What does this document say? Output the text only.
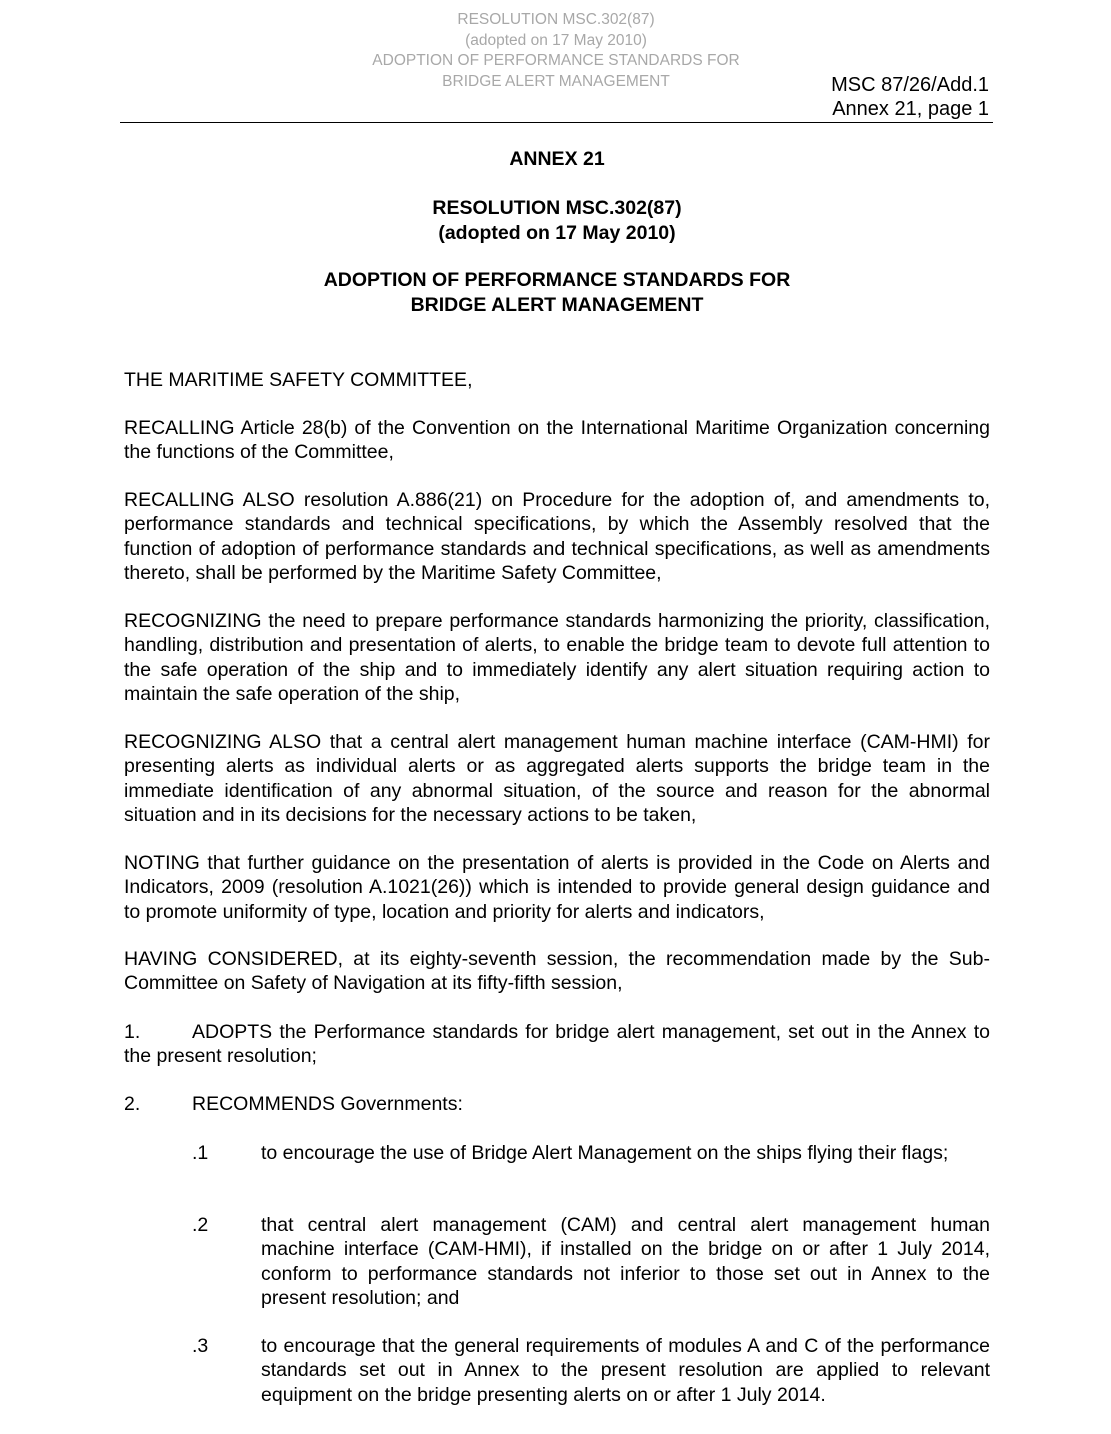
RESOLUTION MSC.302(87)
(adopted on 17 May 2010)
ADOPTION OF PERFORMANCE STANDARDS FOR
BRIDGE ALERT MANAGEMENT	MSC 87/26/Add.1
Annex 21, page 1
ANNEX 21
RESOLUTION MSC.302(87)
(adopted on 17 May 2010)
ADOPTION OF PERFORMANCE STANDARDS FOR
BRIDGE ALERT MANAGEMENT

THE MARITIME SAFETY COMMITTEE,

RECALLING Article 28(b) of the Convention on the International Maritime Organization concerning the functions of the Committee,

RECALLING ALSO resolution A.886(21) on Procedure for the adoption of, and amendments to, performance standards and technical specifications, by which the Assembly resolved that the function of adoption of performance standards and technical specifications, as well as amendments thereto, shall be performed by the Maritime Safety Committee,

RECOGNIZING the need to prepare performance standards harmonizing the priority, classification, handling, distribution and presentation of alerts, to enable the bridge team to devote full attention to the safe operation of the ship and to immediately identify any alert situation requiring action to maintain the safe operation of the ship,

RECOGNIZING ALSO that a central alert management human machine interface (CAM-HMI) for presenting alerts as individual alerts or as aggregated alerts supports the bridge team in the immediate identification of any abnormal situation, of the source and reason for the abnormal situation and in its decisions for the necessary actions to be taken,

NOTING that further guidance on the presentation of alerts is provided in the Code on Alerts and Indicators, 2009 (resolution A.1021(26)) which is intended to provide general design guidance and to promote uniformity of type, location and priority for alerts and indicators,

HAVING CONSIDERED, at its eighty-seventh session, the recommendation made by the Sub-Committee on Safety of Navigation at its fifty-fifth session,

1.	ADOPTS the Performance standards for bridge alert management, set out in the Annex to the present resolution;
2.	RECOMMENDS Governments:
.1	to encourage the use of Bridge Alert Management on the ships flying their flags;
.2	that central alert management (CAM) and central alert management human machine interface (CAM-HMI), if installed on the bridge on or after 1 July 2014, conform to performance standards not inferior to those set out in Annex to the present resolution; and
.3	to encourage that the general requirements of modules A and C of the performance standards set out in Annex to the present resolution are applied to relevant equipment on the bridge presenting alerts on or after 1 July 2014.
